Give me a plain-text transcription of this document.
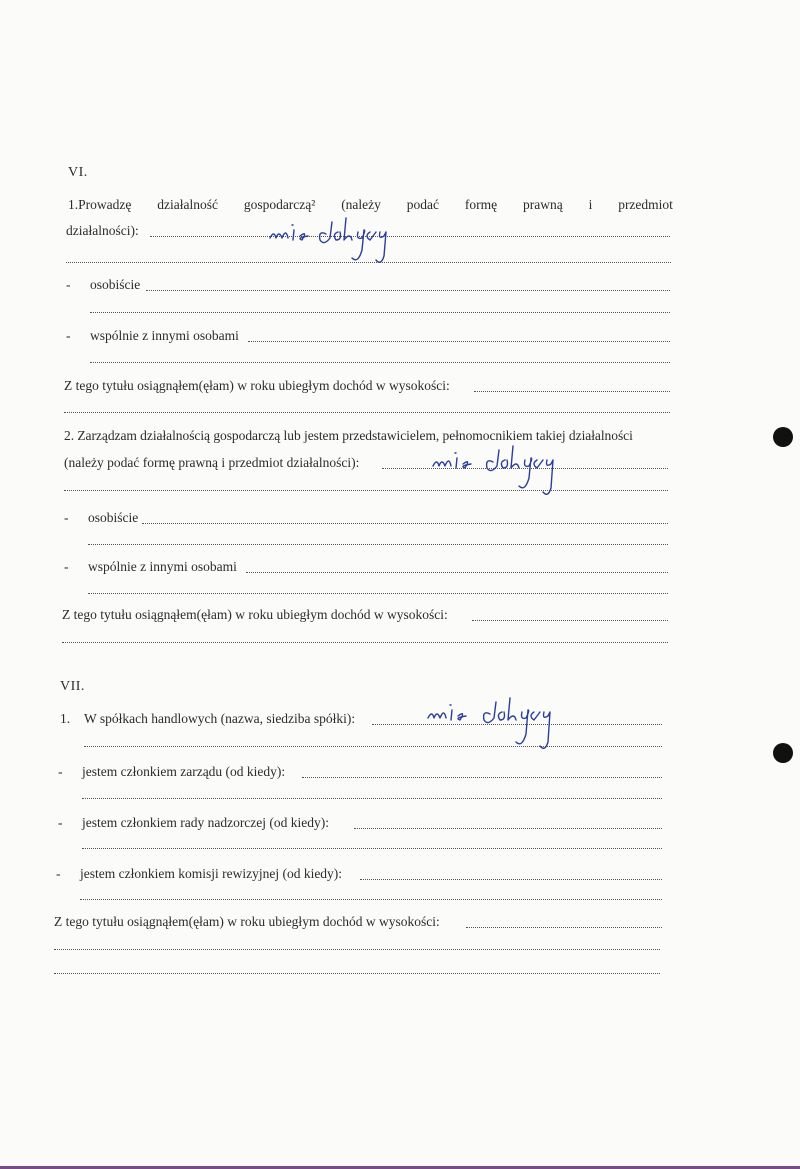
VI.
1.Prowadzę działalność gospodarczą² (należy podać formę prawną i przedmiot
działalności):
- osobiście
- wspólnie z innymi osobami
Z tego tytułu osiągnąłem(ęłam) w roku ubiegłym dochód w wysokości:
2. Zarządzam działalnością gospodarczą lub jestem przedstawicielem, pełnomocnikiem takiej działalności
(należy podać formę prawną i przedmiot działalności):
- osobiście
- wspólnie z innymi osobami
Z tego tytułu osiągnąłem(ęłam) w roku ubiegłym dochód w wysokości:
VII.
1. W spółkach handlowych (nazwa, siedziba spółki):
- jestem członkiem zarządu (od kiedy):
- jestem członkiem rady nadzorczej (od kiedy):
- jestem członkiem komisji rewizyjnej (od kiedy):
Z tego tytułu osiągnąłem(ęłam) w roku ubiegłym dochód w wysokości:
